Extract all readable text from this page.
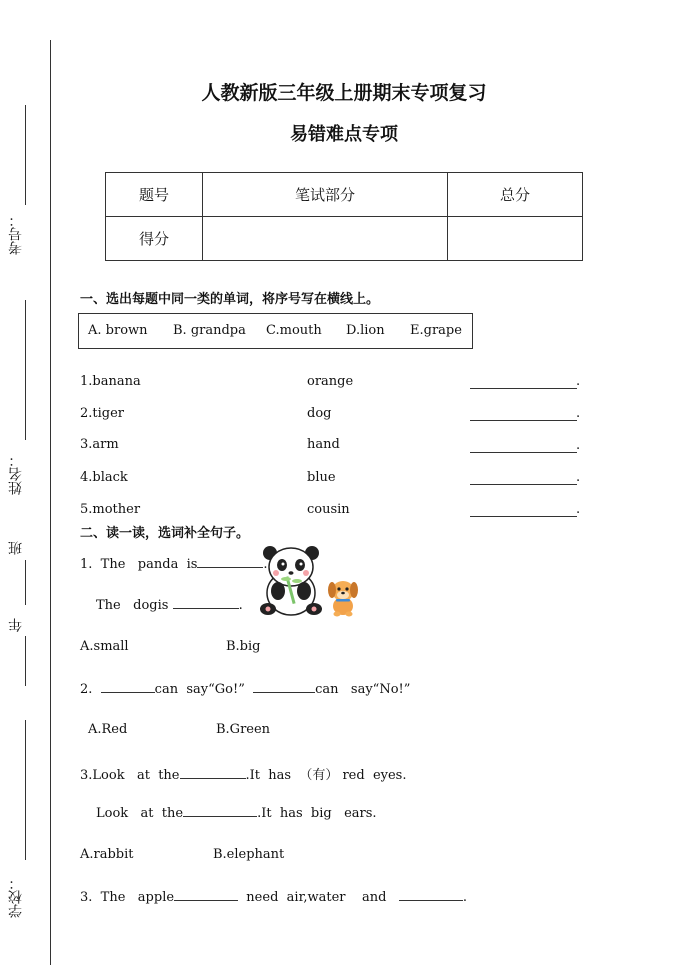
考号：
姓名：
班
年
学校：
人教新版三年级上册期末专项复习
易错难点专项
题号	笔试部分	总分
得分		
一、选出每题中同一类的单词，将序号写在横线上。
A. brown B. grandpa C.mouth D.lion E.grape
1.banana	orange	.
2.tiger	dog	.
3.arm	hand	.
4.black	blue	.
5.mother	cousin	.
二、读一读，选词补全句子。
1.  The   panda  is	.
The   dogis	.
A.small	B.big
2.	can  say“Go!”	can   say“No!”
A.Red	B.Green
3.Look   at  the	.It  has  （有） red  eyes.
Look   at  the	.It  has  big   ears.
A.rabbit	B.elephant
3.  The   apple	need  air,water    and	.
